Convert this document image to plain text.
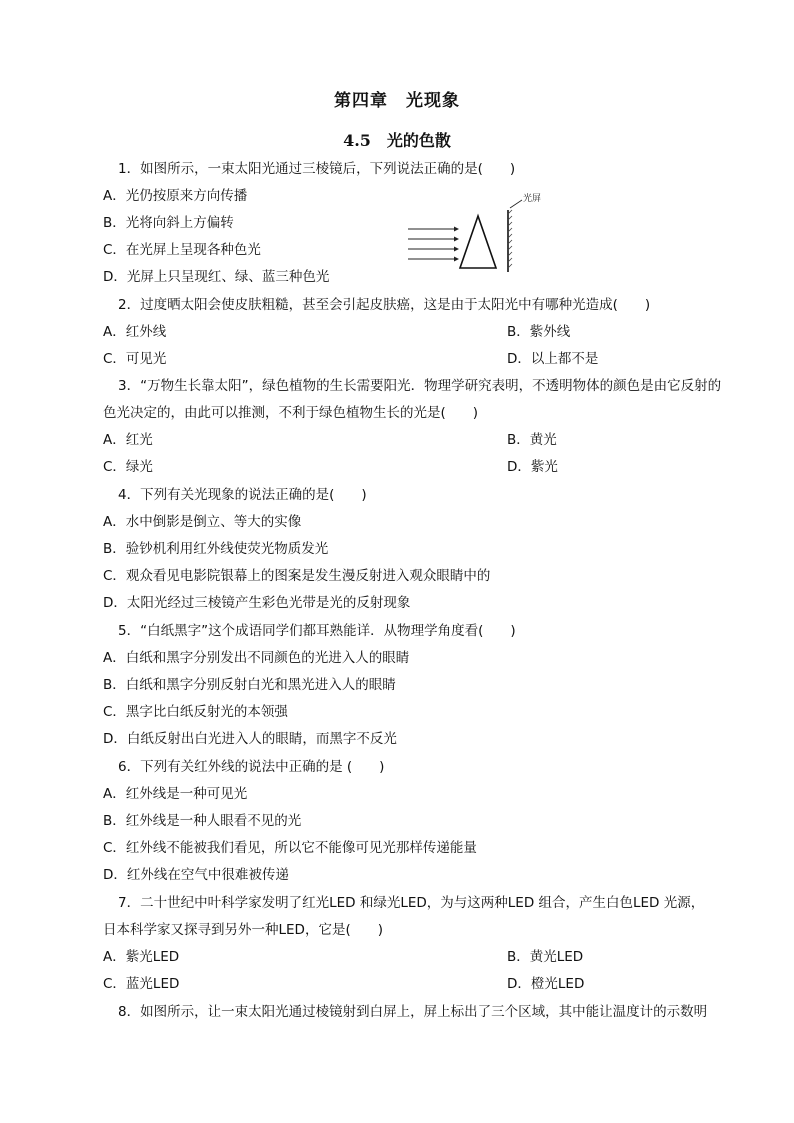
第四章　光现象
4.5　光的色散
1．如图所示，一束太阳光通过三棱镜后，下列说法正确的是(　　)
A．光仍按原来方向传播
B．光将向斜上方偏转
C．在光屏上呈现各种色光
D．光屏上只呈现红、绿、蓝三种色光
光屏
2．过度晒太阳会使皮肤粗糙，甚至会引起皮肤癌，这是由于太阳光中有哪种光造成(　　)
A．红外线	B．紫外线
C．可见光	D．以上都不是
3．“万物生长靠太阳”，绿色植物的生长需要阳光．物理学研究表明，不透明物体的颜色是由它反射的
色光决定的，由此可以推测，不利于绿色植物生长的光是(　　)
A．红光	B．黄光
C．绿光	D．紫光
4．下列有关光现象的说法正确的是(　　)
A．水中倒影是倒立、等大的实像
B．验钞机利用红外线使荧光物质发光
C．观众看见电影院银幕上的图案是发生漫反射进入观众眼睛中的
D．太阳光经过三棱镜产生彩色光带是光的反射现象
5．“白纸黑字”这个成语同学们都耳熟能详．从物理学角度看(　　)
A．白纸和黑字分别发出不同颜色的光进入人的眼睛
B．白纸和黑字分别反射白光和黑光进入人的眼睛
C．黑字比白纸反射光的本领强
D．白纸反射出白光进入人的眼睛，而黑字不反光
6．下列有关红外线的说法中正确的是 (　　)
A．红外线是一种可见光
B．红外线是一种人眼看不见的光
C．红外线不能被我们看见，所以它不能像可见光那样传递能量
D．红外线在空气中很难被传递
7．二十世纪中叶科学家发明了红光LED 和绿光LED，为与这两种LED 组合，产生白色LED 光源，
日本科学家又探寻到另外一种LED，它是(　　)
A．紫光LED	B．黄光LED
C．蓝光LED	D．橙光LED
8．如图所示，让一束太阳光通过棱镜射到白屏上，屏上标出了三个区域，其中能让温度计的示数明
